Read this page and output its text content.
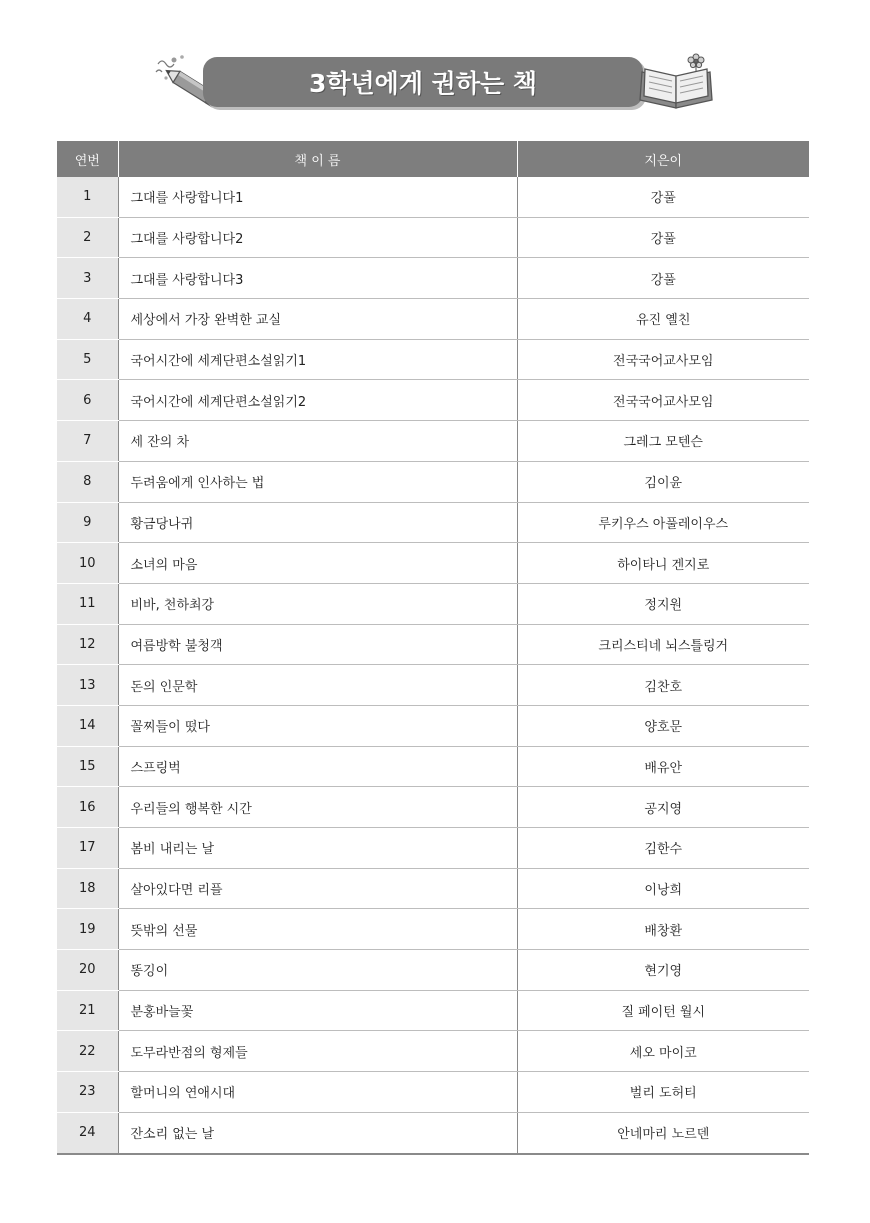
3학년에게 권하는 책
연번	책 이 름	지은이
1	그대를 사랑합니다1	강풀
2	그대를 사랑합니다2	강풀
3	그대를 사랑합니다3	강풀
4	세상에서 가장 완벽한 교실	유진 옐친
5	국어시간에 세계단편소설읽기1	전국국어교사모임
6	국어시간에 세계단편소설읽기2	전국국어교사모임
7	세 잔의 차	그레그 모텐슨
8	두려움에게 인사하는 법	김이윤
9	황금당나귀	루키우스 아풀레이우스
10	소녀의 마음	하이타니 겐지로
11	비바, 천하최강	정지원
12	여름방학 불청객	크리스티네 뇌스틀링거
13	돈의 인문학	김찬호
14	꼴찌들이 떴다	양호문
15	스프링벅	배유안
16	우리들의 행복한 시간	공지영
17	봄비 내리는 날	김한수
18	살아있다면 리플	이낭희
19	뜻밖의 선물	배창환
20	똥깅이	현기영
21	분홍바늘꽃	질 페이턴 월시
22	도무라반점의 형제들	세오 마이코
23	할머니의 연애시대	벌리 도허티
24	잔소리 없는 날	안네마리 노르덴
